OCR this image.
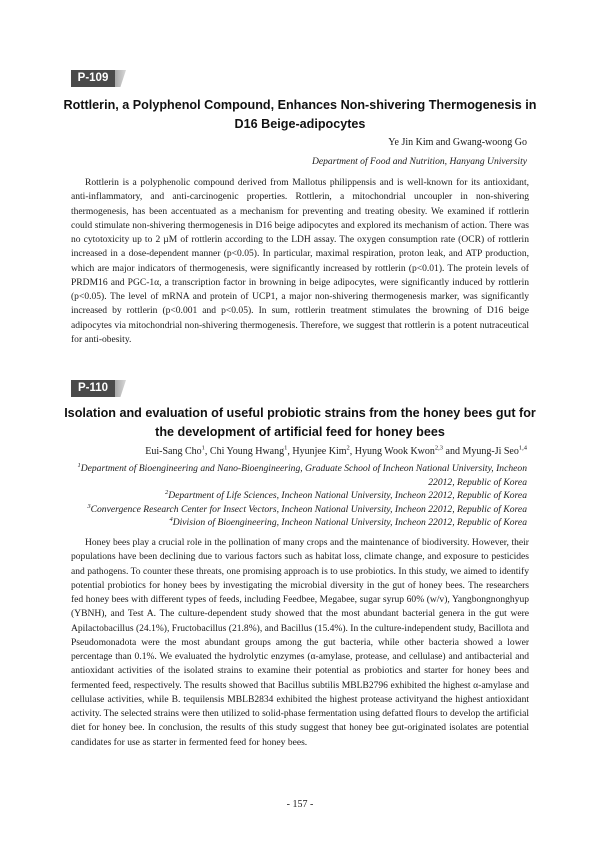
P-109
Rottlerin, a Polyphenol Compound, Enhances Non-shivering Thermogenesis in
D16 Beige-adipocytes
Ye Jin Kim and Gwang-woong Go
Department of Food and Nutrition, Hanyang University

Rottlerin is a polyphenolic compound derived from Mallotus philippensis and is well-known for its antioxidant, anti-inflammatory, and anti-carcinogenic properties. Rottlerin, a mitochondrial uncoupler in non-shivering thermogenesis, has been accentuated as a mechanism for preventing and treating obesity. We examined if rottlerin could stimulate non-shivering thermogenesis in D16 beige adipocytes and explored its mechanism of action. There was no cytotoxicity up to 2 µM of rottlerin according to the LDH assay. The oxygen consumption rate (OCR) of rottlerin increased in a dose-dependent manner (p<0.05). In particular, maximal respiration, proton leak, and ATP production, which are major indicators of thermogenesis, were significantly increased by rottlerin (p<0.01). The protein levels of PRDM16 and PGC-1α, a transcription factor in browning in beige adipocytes, were significantly induced by rottlerin (p<0.05). The level of mRNA and protein of UCP1, a major non-shivering thermogenesis marker, was significantly increased by rottlerin (p<0.001 and p<0.05). In sum, rottlerin treatment stimulates the browning of D16 beige adipocytes via mitochondrial non-shivering thermogenesis. Therefore, we suggest that rottlerin is a potent nutraceutical for anti-obesity.

P-110
Isolation and evaluation of useful probiotic strains from the honey bees gut for
the development of artificial feed for honey bees
Eui-Sang Cho$^1$, Chi Young Hwang$^1$, Hyunjee Kim$^2$, Hyung Wook Kwon$^{2,3}$ and Myung-Ji Seo$^{1,4}$
$^1$Department of Bioengineering and Nano-Bioengineering, Graduate School of Incheon National University, Incheon
22012, Republic of Korea
$^2$Department of Life Sciences, Incheon National University, Incheon 22012, Republic of Korea
$^3$Convergence Research Center for Insect Vectors, Incheon National University, Incheon 22012, Republic of Korea
$^4$Division of Bioengineering, Incheon National University, Incheon 22012, Republic of Korea

Honey bees play a crucial role in the pollination of many crops and the maintenance of biodiversity. However, their populations have been declining due to various factors such as habitat loss, climate change, and exposure to pesticides and pathogens. To counter these threats, one promising approach is to use probiotics. In this study, we aimed to identify potential probiotics for honey bees by investigating the microbial diversity in the gut of honey bees. The researchers fed honey bees with different types of feeds, including Feedbee, Megabee, sugar syrup 60% (w/v), Yangbongnonghyup (YBNH), and Test A. The culture-dependent study showed that the most abundant bacterial genera in the gut were Apilactobacillus (24.1%), Fructobacillus (21.8%), and Bacillus (15.4%). In the culture-independent study, Bacillota and Pseudomonadota were the most abundant groups among the gut bacteria, while other bacteria showed a lower percentage than 0.1%. We evaluated the hydrolytic enzymes (α-amylase, protease, and cellulase) and antibacterial and antioxidant activities of the isolated strains to examine their potential as probiotics and starter for honey bees and fermented feed, respectively. The results showed that Bacillus subtilis MBLB2796 exhibited the highest α-amylase and cellulase activities, while B. tequilensis MBLB2834 exhibited the highest protease activityand the highest antioxidant activity. The selected strains were then utilized to solid-phase fermentation using defatted flours to develop the artificial diet for honey bee. In conclusion, the results of this study suggest that honey bee gut-originated isolates are potential candidates for use as starter in fermented feed for honey bees.

- 157 -
